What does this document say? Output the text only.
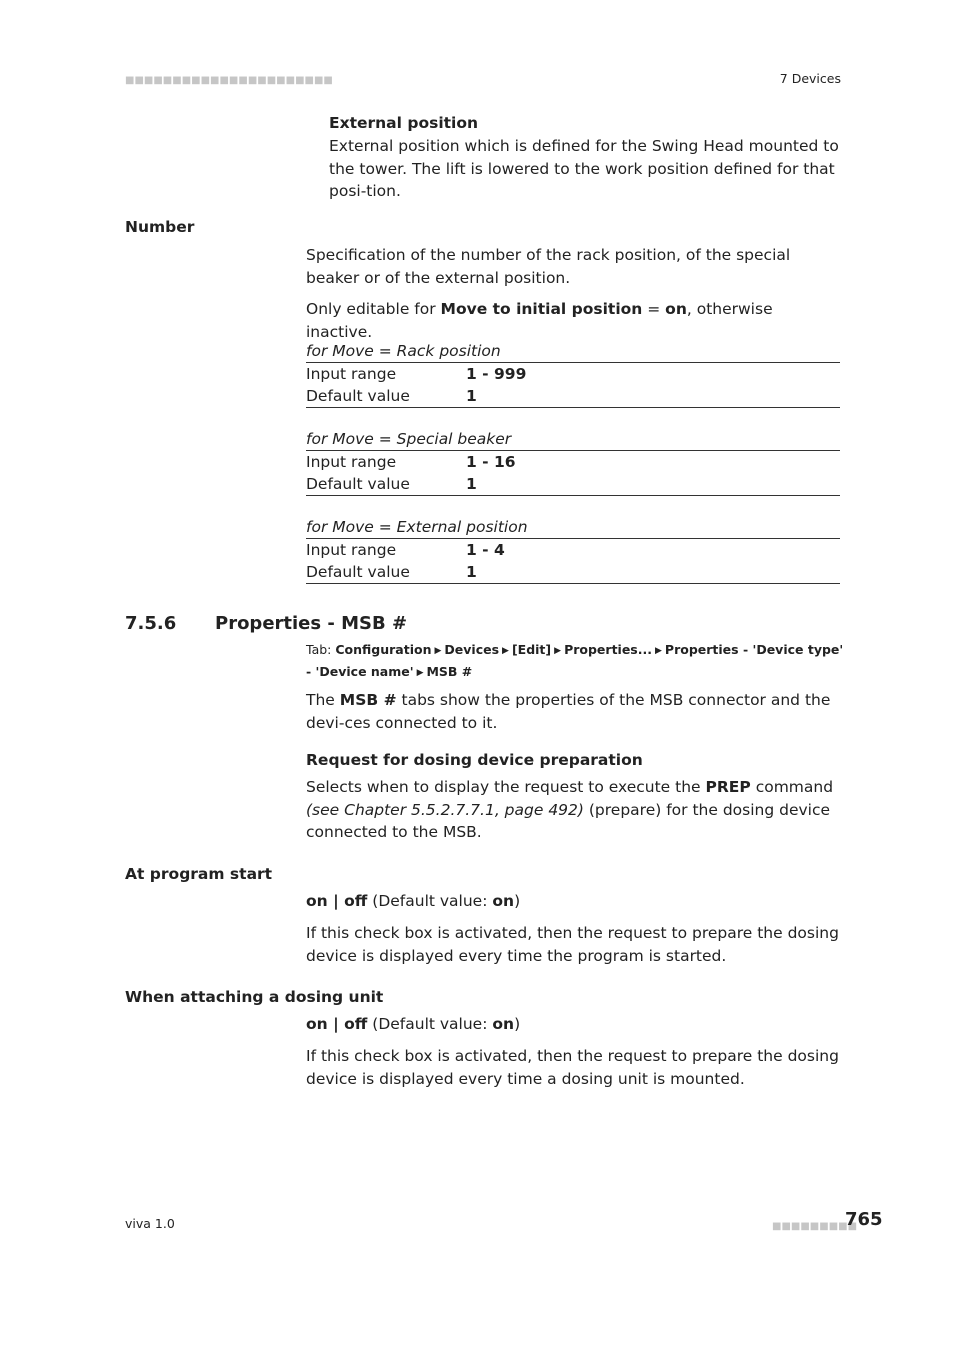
■■■■■■■■■■■■■■■■■■■■■■	7 Devices
External position
External position which is defined for the Swing Head mounted to the tower. The lift is lowered to the work position defined for that posi-tion.
Number
Specification of the number of the rack position, of the special beaker or of the external position.
Only editable for Move to initial position = on, otherwise inactive.
for Move = Rack position
Input range	1 - 999
Default value	1
for Move = Special beaker
Input range	1 - 16
Default value	1
for Move = External position
Input range	1 - 4
Default value	1
7.5.6 Properties - MSB #
Tab: Configuration ▶ Devices ▶ [Edit] ▶ Properties... ▶ Properties - 'Device type' - 'Device name' ▶ MSB #
The MSB # tabs show the properties of the MSB connector and the devi-ces connected to it.
Request for dosing device preparation
Selects when to display the request to execute the PREP command (see Chapter 5.5.2.7.7.1, page 492) (prepare) for the dosing device connected to the MSB.
At program start
on | off (Default value: on)
If this check box is activated, then the request to prepare the dosing device is displayed every time the program is started.
When attaching a dosing unit
on | off (Default value: on)
If this check box is activated, then the request to prepare the dosing device is displayed every time a dosing unit is mounted.
viva 1.0	■■■■■■■■■
765
